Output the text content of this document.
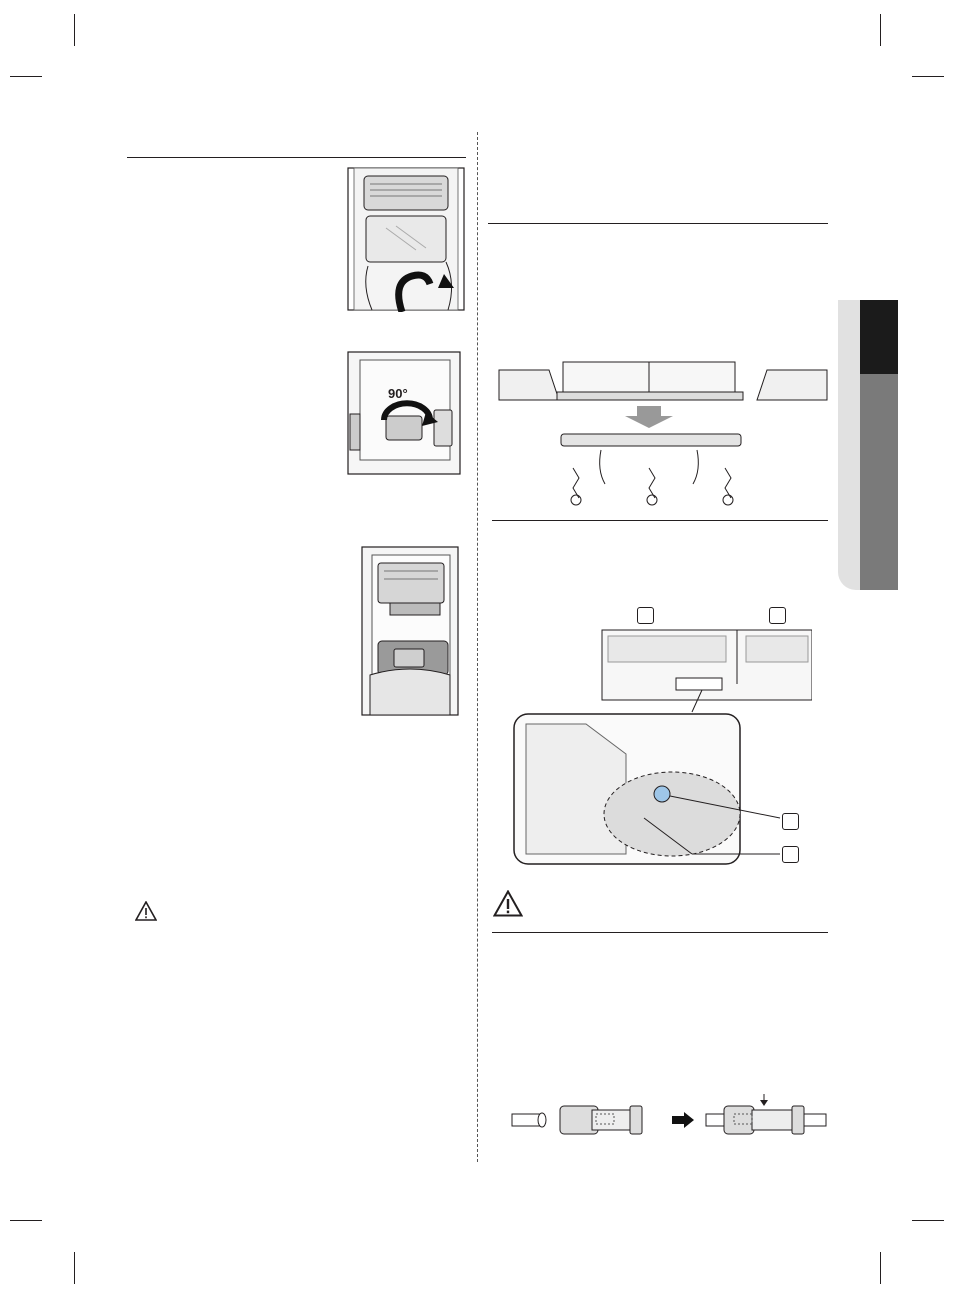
90°
